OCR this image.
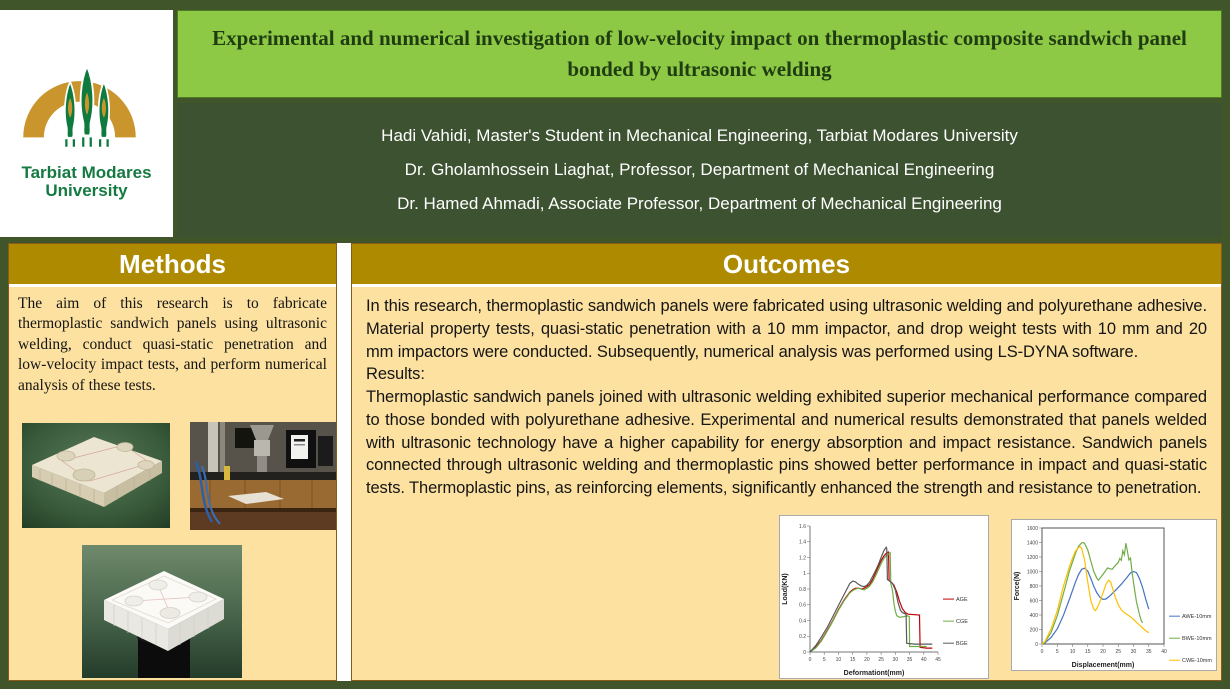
Tarbiat Modares
University
Experimental and numerical investigation of low-velocity impact on thermoplastic composite sandwich panel bonded by ultrasonic welding
Hadi Vahidi, Master's Student in Mechanical Engineering, Tarbiat Modares University
Dr. Gholamhossein Liaghat, Professor, Department of Mechanical Engineering
Dr. Hamed Ahmadi, Associate Professor, Department of Mechanical Engineering
Methods

The aim of this research is to fabricate thermoplastic sandwich panels using ultrasonic welding, conduct quasi-static penetration and low-velocity impact tests, and perform numerical analysis of these tests.

Outcomes

In this research, thermoplastic sandwich panels were fabricated using ultrasonic welding and polyurethane adhesive. Material property tests, quasi-static penetration with a 10 mm impactor, and drop weight tests with 10 mm and 20 mm impactors were conducted. Subsequently, numerical analysis was performed using LS-DYNA software.

Results:

Thermoplastic sandwich panels joined with ultrasonic welding exhibited superior mechanical performance compared to those bonded with polyurethane adhesive. Experimental and numerical results demonstrated that panels welded with ultrasonic technology have a higher capability for energy absorption and impact resistance. Sandwich panels connected through ultrasonic welding and thermoplastic pins showed better performance in impact and quasi-static tests. Thermoplastic pins, as reinforcing elements, significantly enhanced the strength and resistance to penetration.

0 5 10 15 20 25 30 35 40 45
0
0.2
0.4
0.6
0.8
1
1.2
1.4
1.6
Deformationt(mm)
Load(KN)	AGE
CGE
BGE
0 5 10 15 20 25 30 35 40
0
200
400
600
800
1000
1200
1400
1600
Displacement(mm)
Force(N)
AWE-10mm
BWE-10mm
CWE-10mm
